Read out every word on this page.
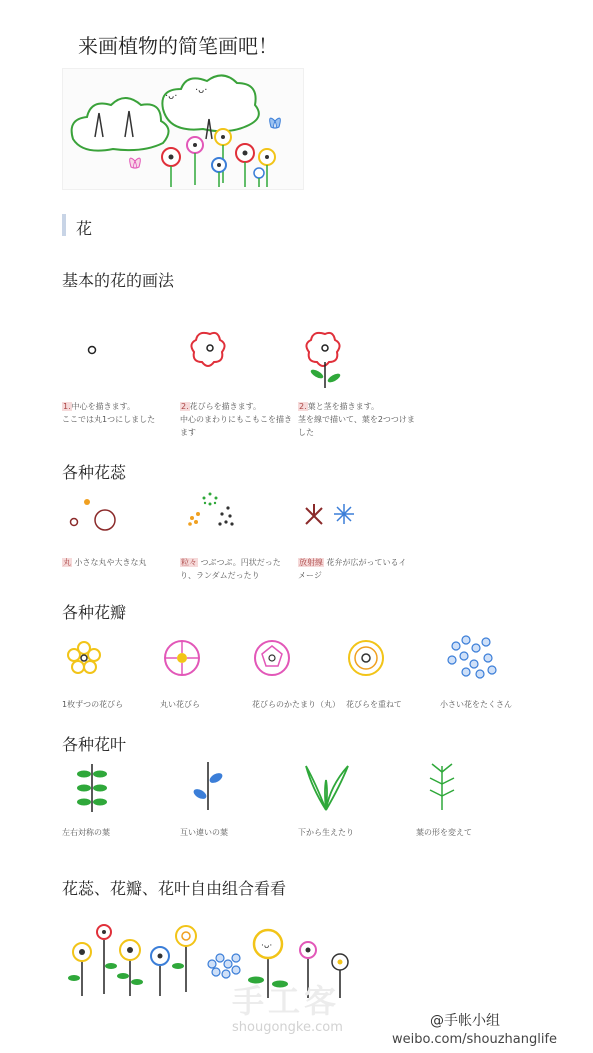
来画植物的简笔画吧！
·ᴗ·
·ᴗ·
花
基本的花的画法
1.中心を描きます。
ここでは丸1つにしました
2.花びらを描きます。
中心のまわりにもこもこを描きます
2.葉と茎を描きます。
茎を線で描いて、葉を2つつけました
各种花蕊
丸 小さな丸や大きな丸	粒々 つぶつぶ。円状だったり、ランダムだったり
放射線 花弁が広がっているイメージ
各种花瓣
1枚ずつの花びら	丸い花びら	花びらのかたまり（丸） 花びらを重ねて	小さい花をたくさん
各种花叶
左右対称の葉	互い違いの葉	下から生えたり	葉の形を変えて
花蕊、花瓣、花叶自由组合看看
·ᴗ·
手工客
shougongke.com	@手帐小组
weibo.com/shouzhanglife
